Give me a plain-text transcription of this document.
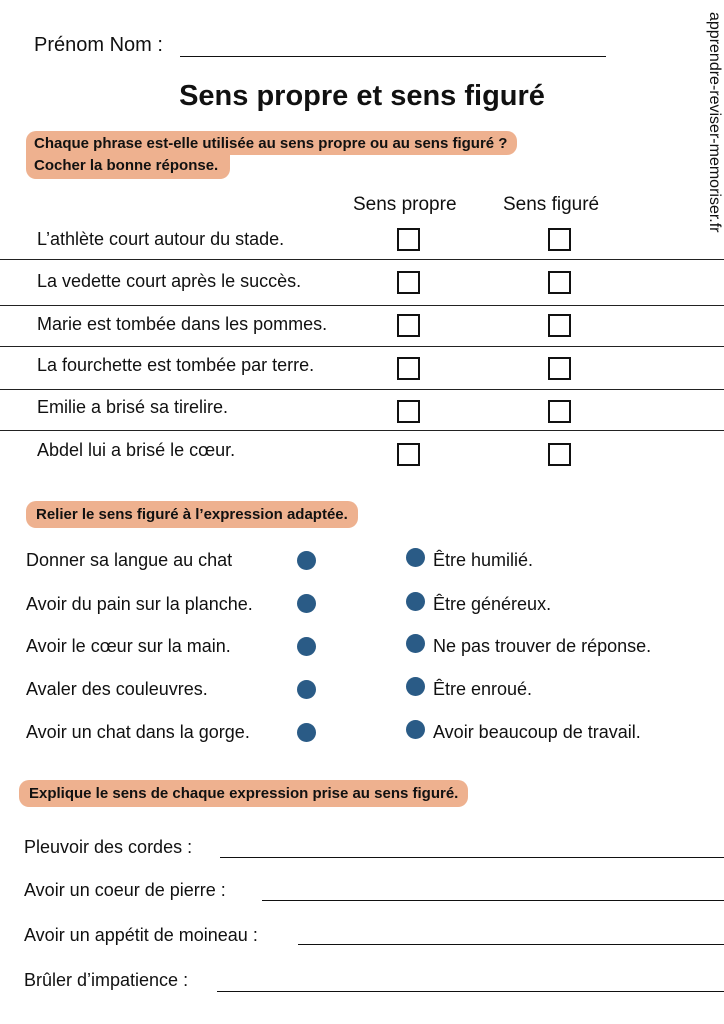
Prénom Nom :
Sens propre et sens figuré	apprendre-reviser-memoriser.fr
Chaque phrase est-elle utilisée au sens propre ou au sens figuré ?
Cocher la bonne réponse.
Sens propre Sens figuré
L’athlète court autour du stade.
La vedette court après le succès.
Marie est tombée dans les pommes.
La fourchette est tombée par terre.
Emilie a brisé sa tirelire.
Abdel lui a brisé le cœur.
Relier le sens figuré à l’expression adaptée.
Donner sa langue au chat	Être humilié.
Avoir du pain sur la planche.	Être généreux.
Avoir le cœur sur la main.	Ne pas trouver de réponse.
Avaler des couleuvres.	Être enroué.
Avoir un chat dans la gorge.	Avoir beaucoup de travail.
Explique le sens de chaque expression prise au sens figuré.
Pleuvoir des cordes :
Avoir un coeur de pierre :
Avoir un appétit de moineau :
Brûler d’impatience :
